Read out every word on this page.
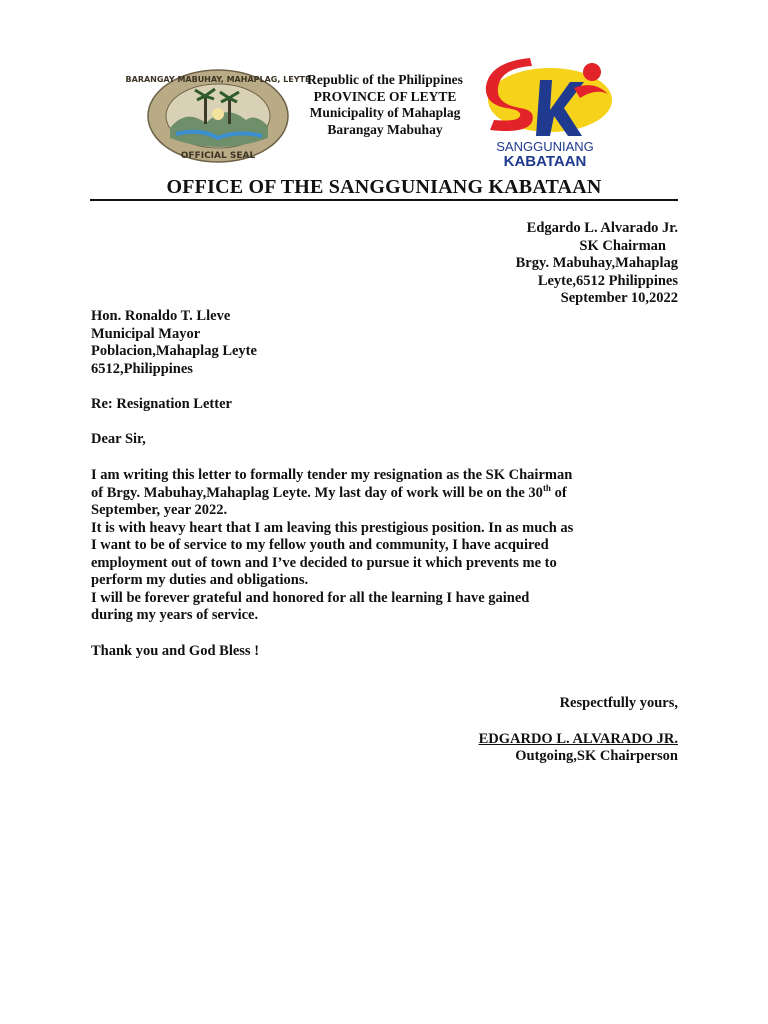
BARANGAY MABUHAY, MAHAPLAG, LEYTE
OFFICIAL SEAL
Republic of the Philippines
PROVINCE OF LEYTE
Municipality of Mahaplag
Barangay Mabuhay
SANGGUNIANG
KABATAAN
OFFICE OF THE SANGGUNIANG KABATAAN
Edgardo L. Alvarado Jr.
SK Chairman
Brgy. Mabuhay,Mahaplag
Leyte,6512 Philippines
September 10,2022
Hon. Ronaldo T. Lleve
Municipal Mayor
Poblacion,Mahaplag Leyte
6512,Philippines
Re: Resignation Letter
Dear Sir,
I am writing this letter to formally tender my resignation as the SK Chairman
of Brgy. Mabuhay,Mahaplag Leyte. My last day of work will be on the 30th of
September, year 2022.
It is with heavy heart that I am leaving this prestigious position. In as much as
I want to be of service to my fellow youth and community, I have acquired
employment out of town and I’ve decided to pursue it which prevents me to
perform my duties and obligations.
I will be forever grateful and honored for all the learning I have gained
during my years of service.
Thank you and God Bless !
Respectfully yours,
EDGARDO L. ALVARADO JR.
Outgoing,SK Chairperson
